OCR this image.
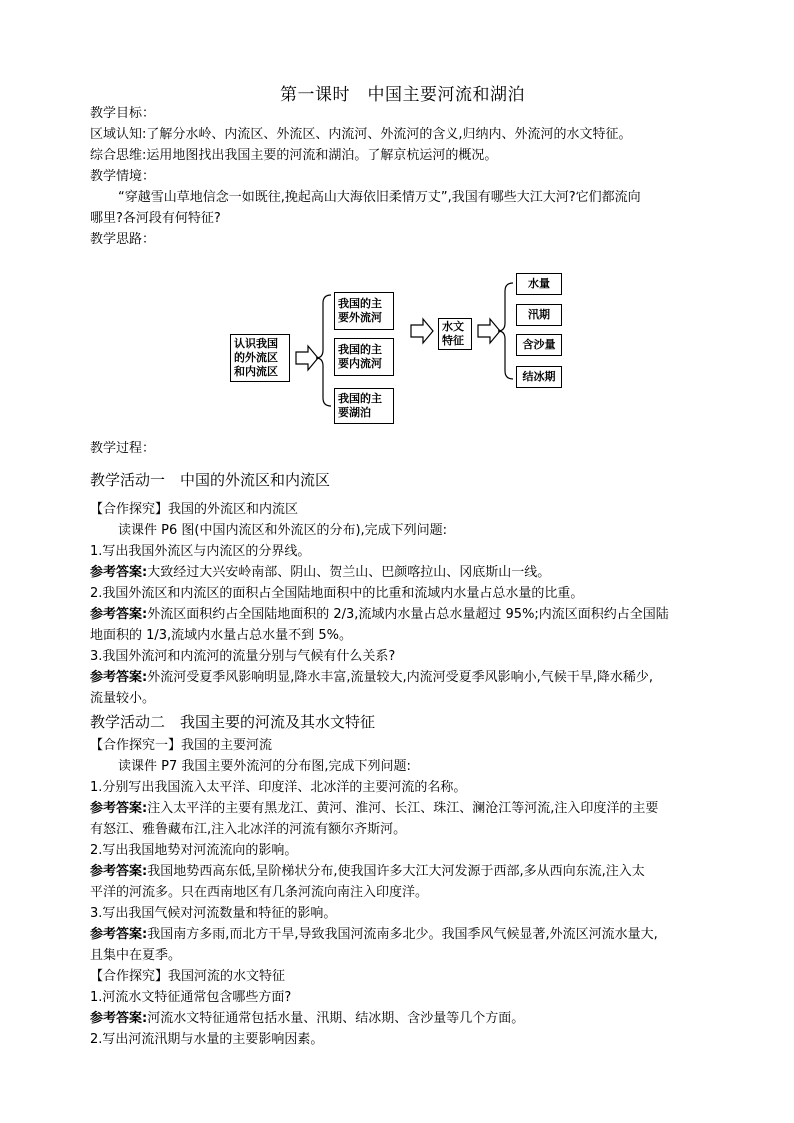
第一课时　中国主要河流和湖泊
教学目标：
区域认知:了解分水岭、内流区、外流区、内流河、外流河的含义,归纳内、外流河的水文特征。
综合思维:运用地图找出我国主要的河流和湖泊。了解京杭运河的概况。
教学情境：
“穿越雪山草地信念一如既往,挽起高山大海依旧柔情万丈”,我国有哪些大江大河?它们都流向
哪里?各河段有何特征?
教学思路：
认识我国的外流区和内流区
我国的主要外流河
我国的主要内流河
我国的主要湖泊
水文特征
水量
汛期
含沙量
结冰期
教学过程：
教学活动一　中国的外流区和内流区
【合作探究】我国的外流区和内流区
读课件 P6 图(中国内流区和外流区的分布),完成下列问题:
1.写出我国外流区与内流区的分界线。
参考答案:大致经过大兴安岭南部、阴山、贺兰山、巴颜喀拉山、冈底斯山一线。
2.我国外流区和内流区的面积占全国陆地面积中的比重和流域内水量占总水量的比重。
参考答案:外流区面积约占全国陆地面积的 2/3,流域内水量占总水量超过 95%;内流区面积约占全国陆
地面积的 1/3,流域内水量占总水量不到 5%。
3.我国外流河和内流河的流量分别与气候有什么关系?
参考答案:外流河受夏季风影响明显,降水丰富,流量较大,内流河受夏季风影响小,气候干旱,降水稀少,
流量较小。
教学活动二　我国主要的河流及其水文特征
【合作探究一】我国的主要河流
读课件 P7 我国主要外流河的分布图,完成下列问题:
1.分别写出我国流入太平洋、印度洋、北冰洋的主要河流的名称。
参考答案:注入太平洋的主要有黑龙江、黄河、淮河、长江、珠江、澜沧江等河流,注入印度洋的主要
有怒江、雅鲁藏布江,注入北冰洋的河流有额尔齐斯河。
2.写出我国地势对河流流向的影响。
参考答案:我国地势西高东低,呈阶梯状分布,使我国许多大江大河发源于西部,多从西向东流,注入太
平洋的河流多。只在西南地区有几条河流向南注入印度洋。
3.写出我国气候对河流数量和特征的影响。
参考答案:我国南方多雨,而北方干旱,导致我国河流南多北少。我国季风气候显著,外流区河流水量大,
且集中在夏季。
【合作探究】我国河流的水文特征
1.河流水文特征通常包含哪些方面?
参考答案:河流水文特征通常包括水量、汛期、结冰期、含沙量等几个方面。
2.写出河流汛期与水量的主要影响因素。
